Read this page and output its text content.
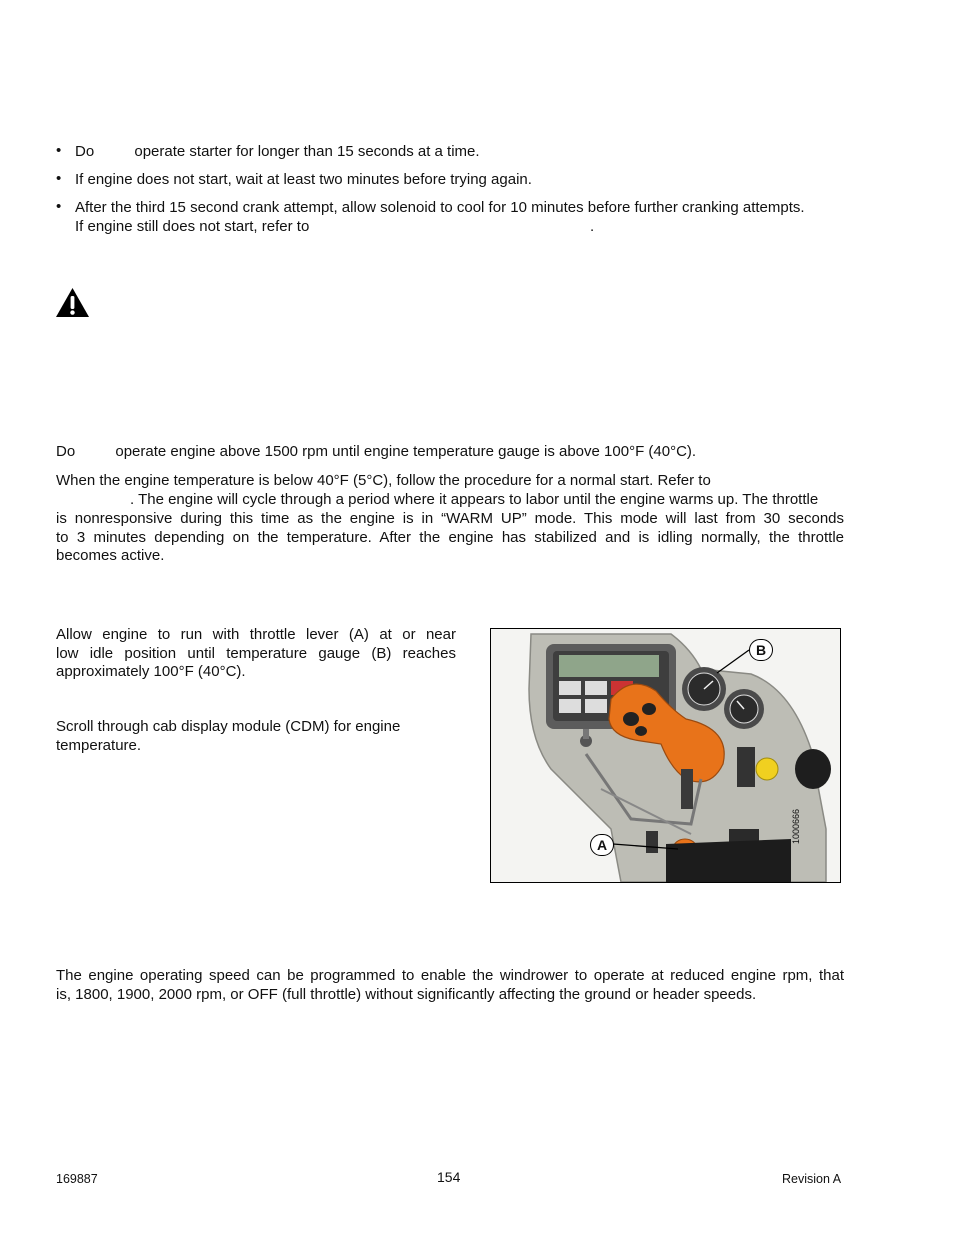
• Do	operate starter for longer than 15 seconds at a time.
• If engine does not start, wait at least two minutes before trying again.
• After the third 15 second crank attempt, allow solenoid to cool for 10 minutes before further cranking attempts.
If engine still does not start, refer to	.
Do	operate engine above 1500 rpm until engine temperature gauge is above 100°F (40°C).
When the engine temperature is below 40°F (5°C), follow the procedure for a normal start. Refer to
. The engine will cycle through a period where it appears to labor until the engine warms up. The throttle
is nonresponsive during this time as the engine is in “WARM UP” mode. This mode will last from 30 seconds
to 3 minutes depending on the temperature. After the engine has stabilized and is idling normally, the throttle
becomes active.
Allow engine to run with throttle lever (A) at or near
low idle position until temperature gauge (B) reaches
approximately 100°F (40°C).
Scroll through cab display module (CDM) for engine
temperature.
B
A
1000666
The engine operating speed can be programmed to enable the windrower to operate at reduced engine rpm, that
is, 1800, 1900, 2000 rpm, or OFF (full throttle) without significantly affecting the ground or header speeds.
169887	154	Revision A
